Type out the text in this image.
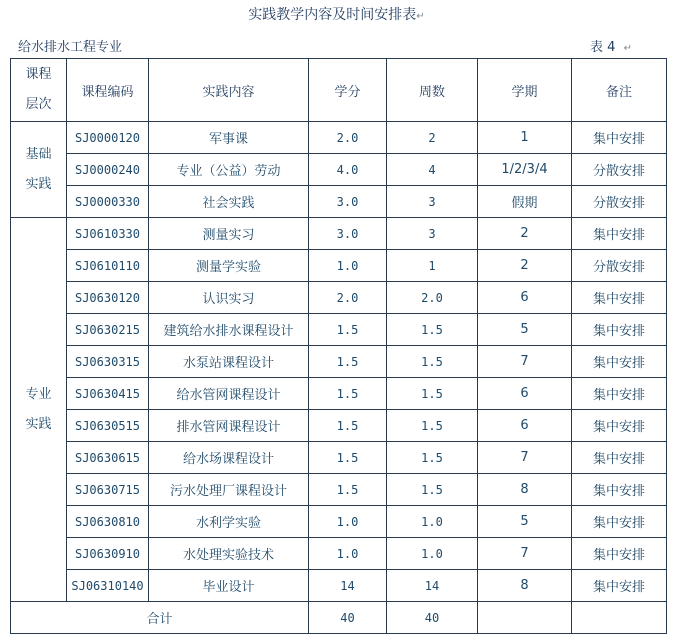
实践教学内容及时间安排表↵
给水排水工程专业	表 4 ↵
课程
层次	课程编码	实践内容	学分	周数	学期	备注

基础
实践	SJ0000120	军事课	2.0	2	1	集中安排
	SJ0000240	专业（公益）劳动	4.0	4	1/2/3/4	分散安排
	SJ0000330	社会实践	3.0	3	假期	分散安排

专业
实践	SJ0610330	测量实习	3.0	3	2	集中安排
	SJ0610110	测量学实验	1.0	1	2	分散安排
	SJ0630120	认识实习	2.0	2.0	6	集中安排
	SJ0630215	建筑给水排水课程设计	1.5	1.5	5	集中安排
	SJ0630315	水泵站课程设计	1.5	1.5	7	集中安排
	SJ0630415	给水管网课程设计	1.5	1.5	6	集中安排
	SJ0630515	排水管网课程设计	1.5	1.5	6	集中安排
	SJ0630615	给水场课程设计	1.5	1.5	7	集中安排
	SJ0630715	污水处理厂课程设计	1.5	1.5	8	集中安排
	SJ0630810	水利学实验	1.0	1.0	5	集中安排
	SJ0630910	水处理实验技术	1.0	1.0	7	集中安排
	SJ06310140	毕业设计	14	14	8	集中安排
合计			40	40		
